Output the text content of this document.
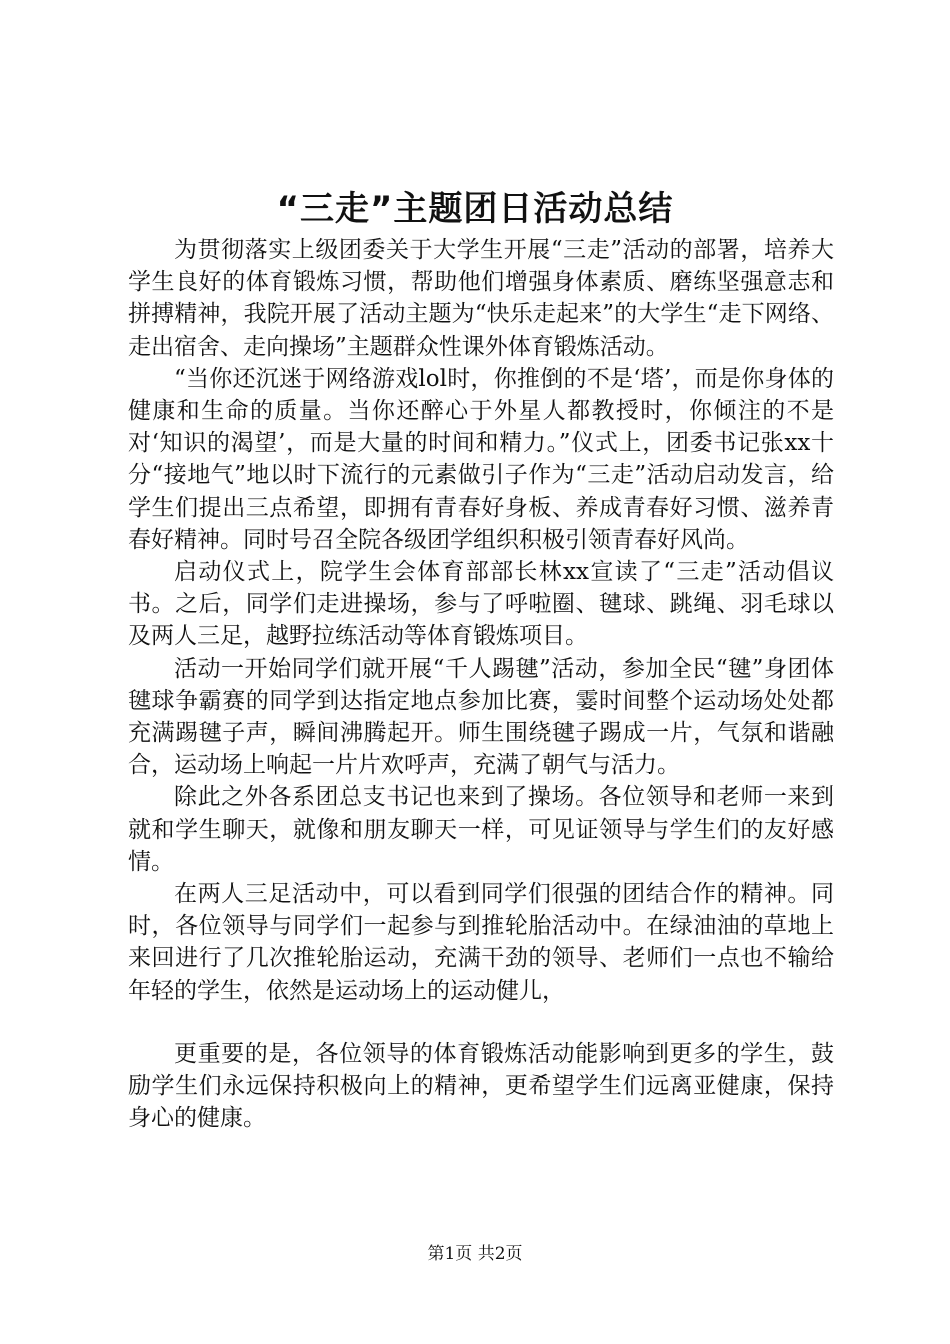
“三走”主题团日活动总结

为贯彻落实上级团委关于大学生开展“三走”活动的部署，培养大学生良好的体育锻炼习惯，帮助他们增强身体素质、磨练坚强意志和拼搏精神，我院开展了活动主题为“快乐走起来”的大学生“走下网络、走出宿舍、走向操场”主题群众性课外体育锻炼活动。

“当你还沉迷于网络游戏lol时，你推倒的不是‘塔’，而是你身体的健康和生命的质量。当你还醉心于外星人都教授时，你倾注的不是对‘知识的渴望’，而是大量的时间和精力。”仪式上，团委书记张xx十分“接地气”地以时下流行的元素做引子作为“三走”活动启动发言，给学生们提出三点希望，即拥有青春好身板、养成青春好习惯、滋养青春好精神。同时号召全院各级团学组织积极引领青春好风尚。

启动仪式上，院学生会体育部部长林xx宣读了“三走”活动倡议书。之后，同学们走进操场，参与了呼啦圈、毽球、跳绳、羽毛球以及两人三足，越野拉练活动等体育锻炼项目。

活动一开始同学们就开展“千人踢毽”活动，参加全民“毽”身团体毽球争霸赛的同学到达指定地点参加比赛，霎时间整个运动场处处都充满踢毽子声，瞬间沸腾起开。师生围绕毽子踢成一片，气氛和谐融合，运动场上响起一片片欢呼声，充满了朝气与活力。

除此之外各系团总支书记也来到了操场。各位领导和老师一来到就和学生聊天，就像和朋友聊天一样，可见证领导与学生们的友好感情。

在两人三足活动中，可以看到同学们很强的团结合作的精神。同时，各位领导与同学们一起参与到推轮胎活动中。在绿油油的草地上来回进行了几次推轮胎运动，充满干劲的领导、老师们一点也不输给年轻的学生，依然是运动场上的运动健儿，

更重要的是，各位领导的体育锻炼活动能影响到更多的学生，鼓励学生们永远保持积极向上的精神，更希望学生们远离亚健康，保持身心的健康。

第1页 共2页
